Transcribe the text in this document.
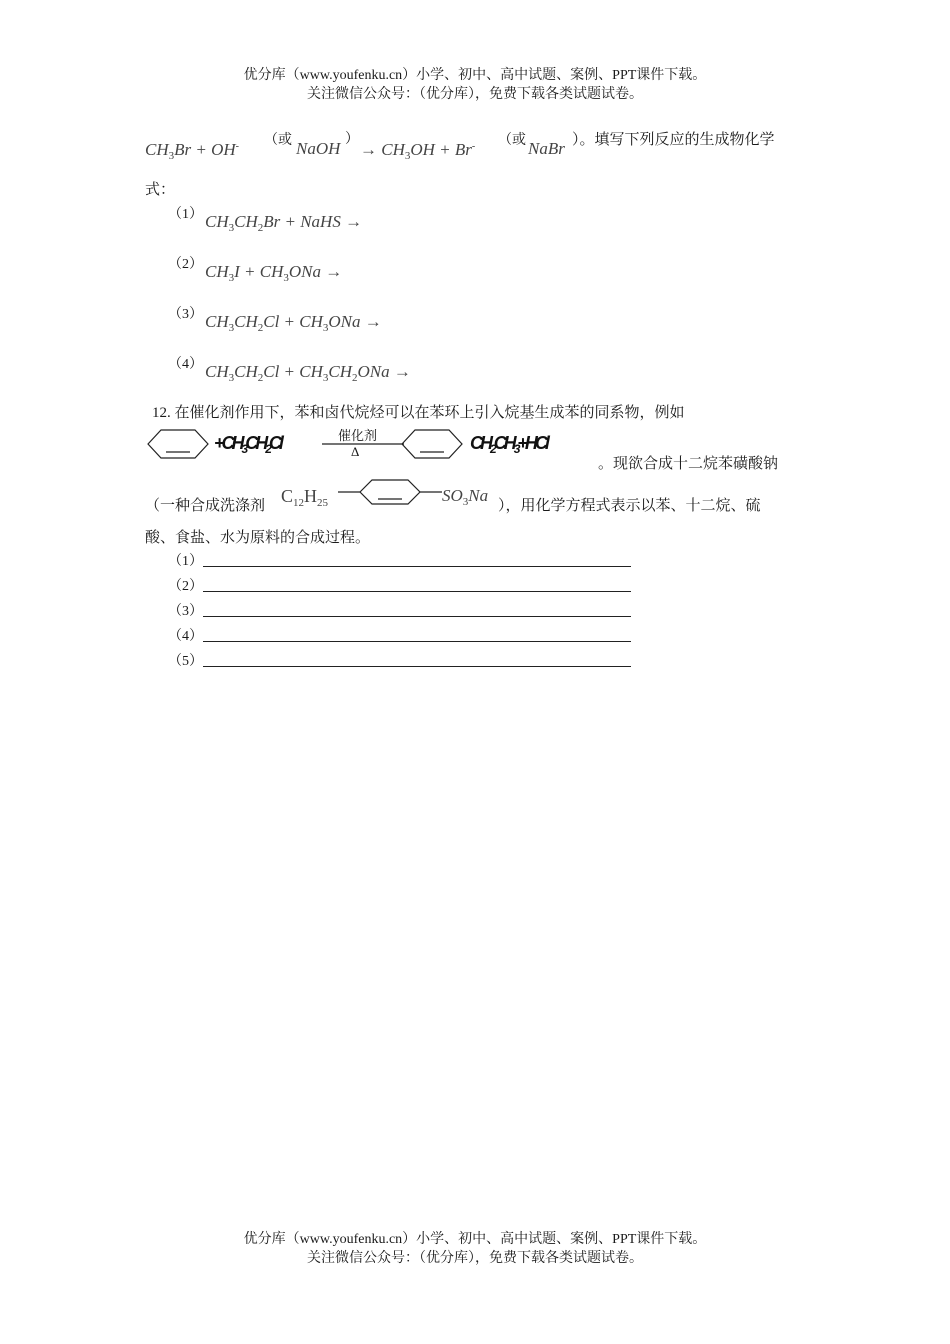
优分库（www.youfenku.cn）小学、初中、高中试题、案例、PPT课件下载。
关注微信公众号：（优分库），免费下载各类试题试卷。
$CH_3Br + OH^-$ （或 NaOH ）
→ $CH_3OH + Br^-$ （或 NaBr ）。填写下列反应的生成物化学
式：
（1） $CH_3CH_2Br$ + NaHS →
（2） $CH_3I + CH_3ONa$ →
（3） $CH_3CH_2Cl + CH_3ONa$ →
（4） $CH_3CH_2Cl + CH_3CH_2ONa$ →
12. 在催化剂作用下，苯和卤代烷烃可以在苯环上引入烷基生成苯的同系物，例如
$+CH_3CH_2Cl$	催化剂
Δ	$CH_2CH_3+HCl$
。现欲合成十二烷苯磺酸钠
（一种合成洗涤剂 $C_{12}H_{25}$	$SO_3Na$
），用化学方程式表示以苯、十二烷、硫
酸、食盐、水为原料的合成过程。
（1）
（2）
（3）
（4）
（5）
优分库（www.youfenku.cn）小学、初中、高中试题、案例、PPT课件下载。
关注微信公众号：（优分库），免费下载各类试题试卷。
